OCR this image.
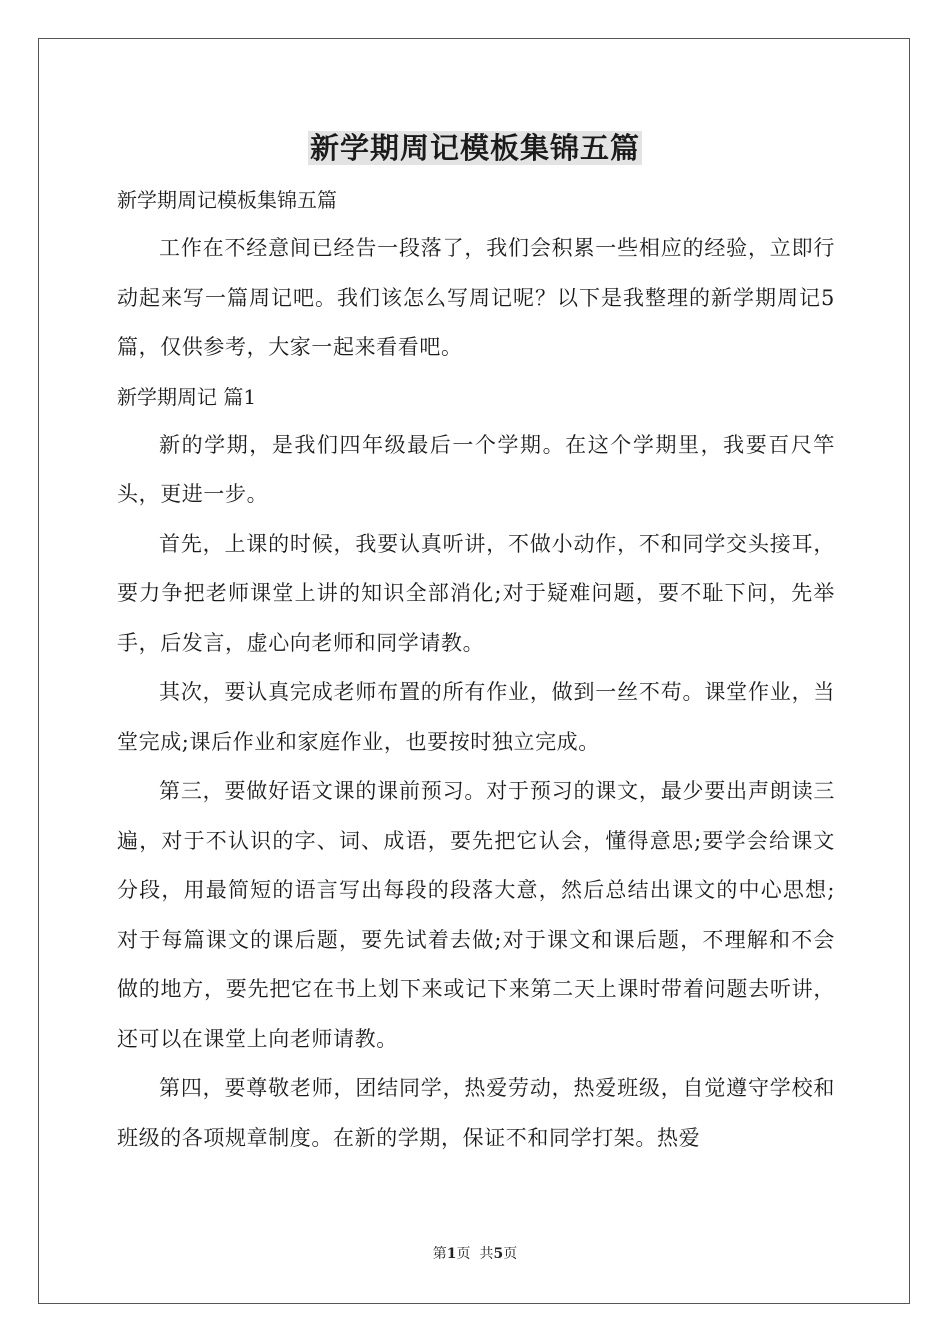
新学期周记模板集锦五篇

新学期周记模板集锦五篇

工作在不经意间已经告一段落了，我们会积累一些相应的经验，立即行动起来写一篇周记吧。我们该怎么写周记呢？以下是我整理的新学期周记5篇，仅供参考，大家一起来看看吧。

新学期周记 篇1

新的学期，是我们四年级最后一个学期。在这个学期里，我要百尺竿头，更进一步。

首先，上课的时候，我要认真听讲，不做小动作，不和同学交头接耳，要力争把老师课堂上讲的知识全部消化;对于疑难问题，要不耻下问，先举手，后发言，虚心向老师和同学请教。

其次，要认真完成老师布置的所有作业，做到一丝不苟。课堂作业，当堂完成;课后作业和家庭作业，也要按时独立完成。

第三，要做好语文课的课前预习。对于预习的课文，最少要出声朗读三遍，对于不认识的字、词、成语，要先把它认会，懂得意思;要学会给课文分段，用最简短的语言写出每段的段落大意，然后总结出课文的中心思想;对于每篇课文的课后题，要先试着去做;对于课文和课后题，不理解和不会做的地方，要先把它在书上划下来或记下来第二天上课时带着问题去听讲，还可以在课堂上向老师请教。

第四，要尊敬老师，团结同学，热爱劳动，热爱班级，自觉遵守学校和班级的各项规章制度。在新的学期，保证不和同学打架。热爱

第1页  共5页
